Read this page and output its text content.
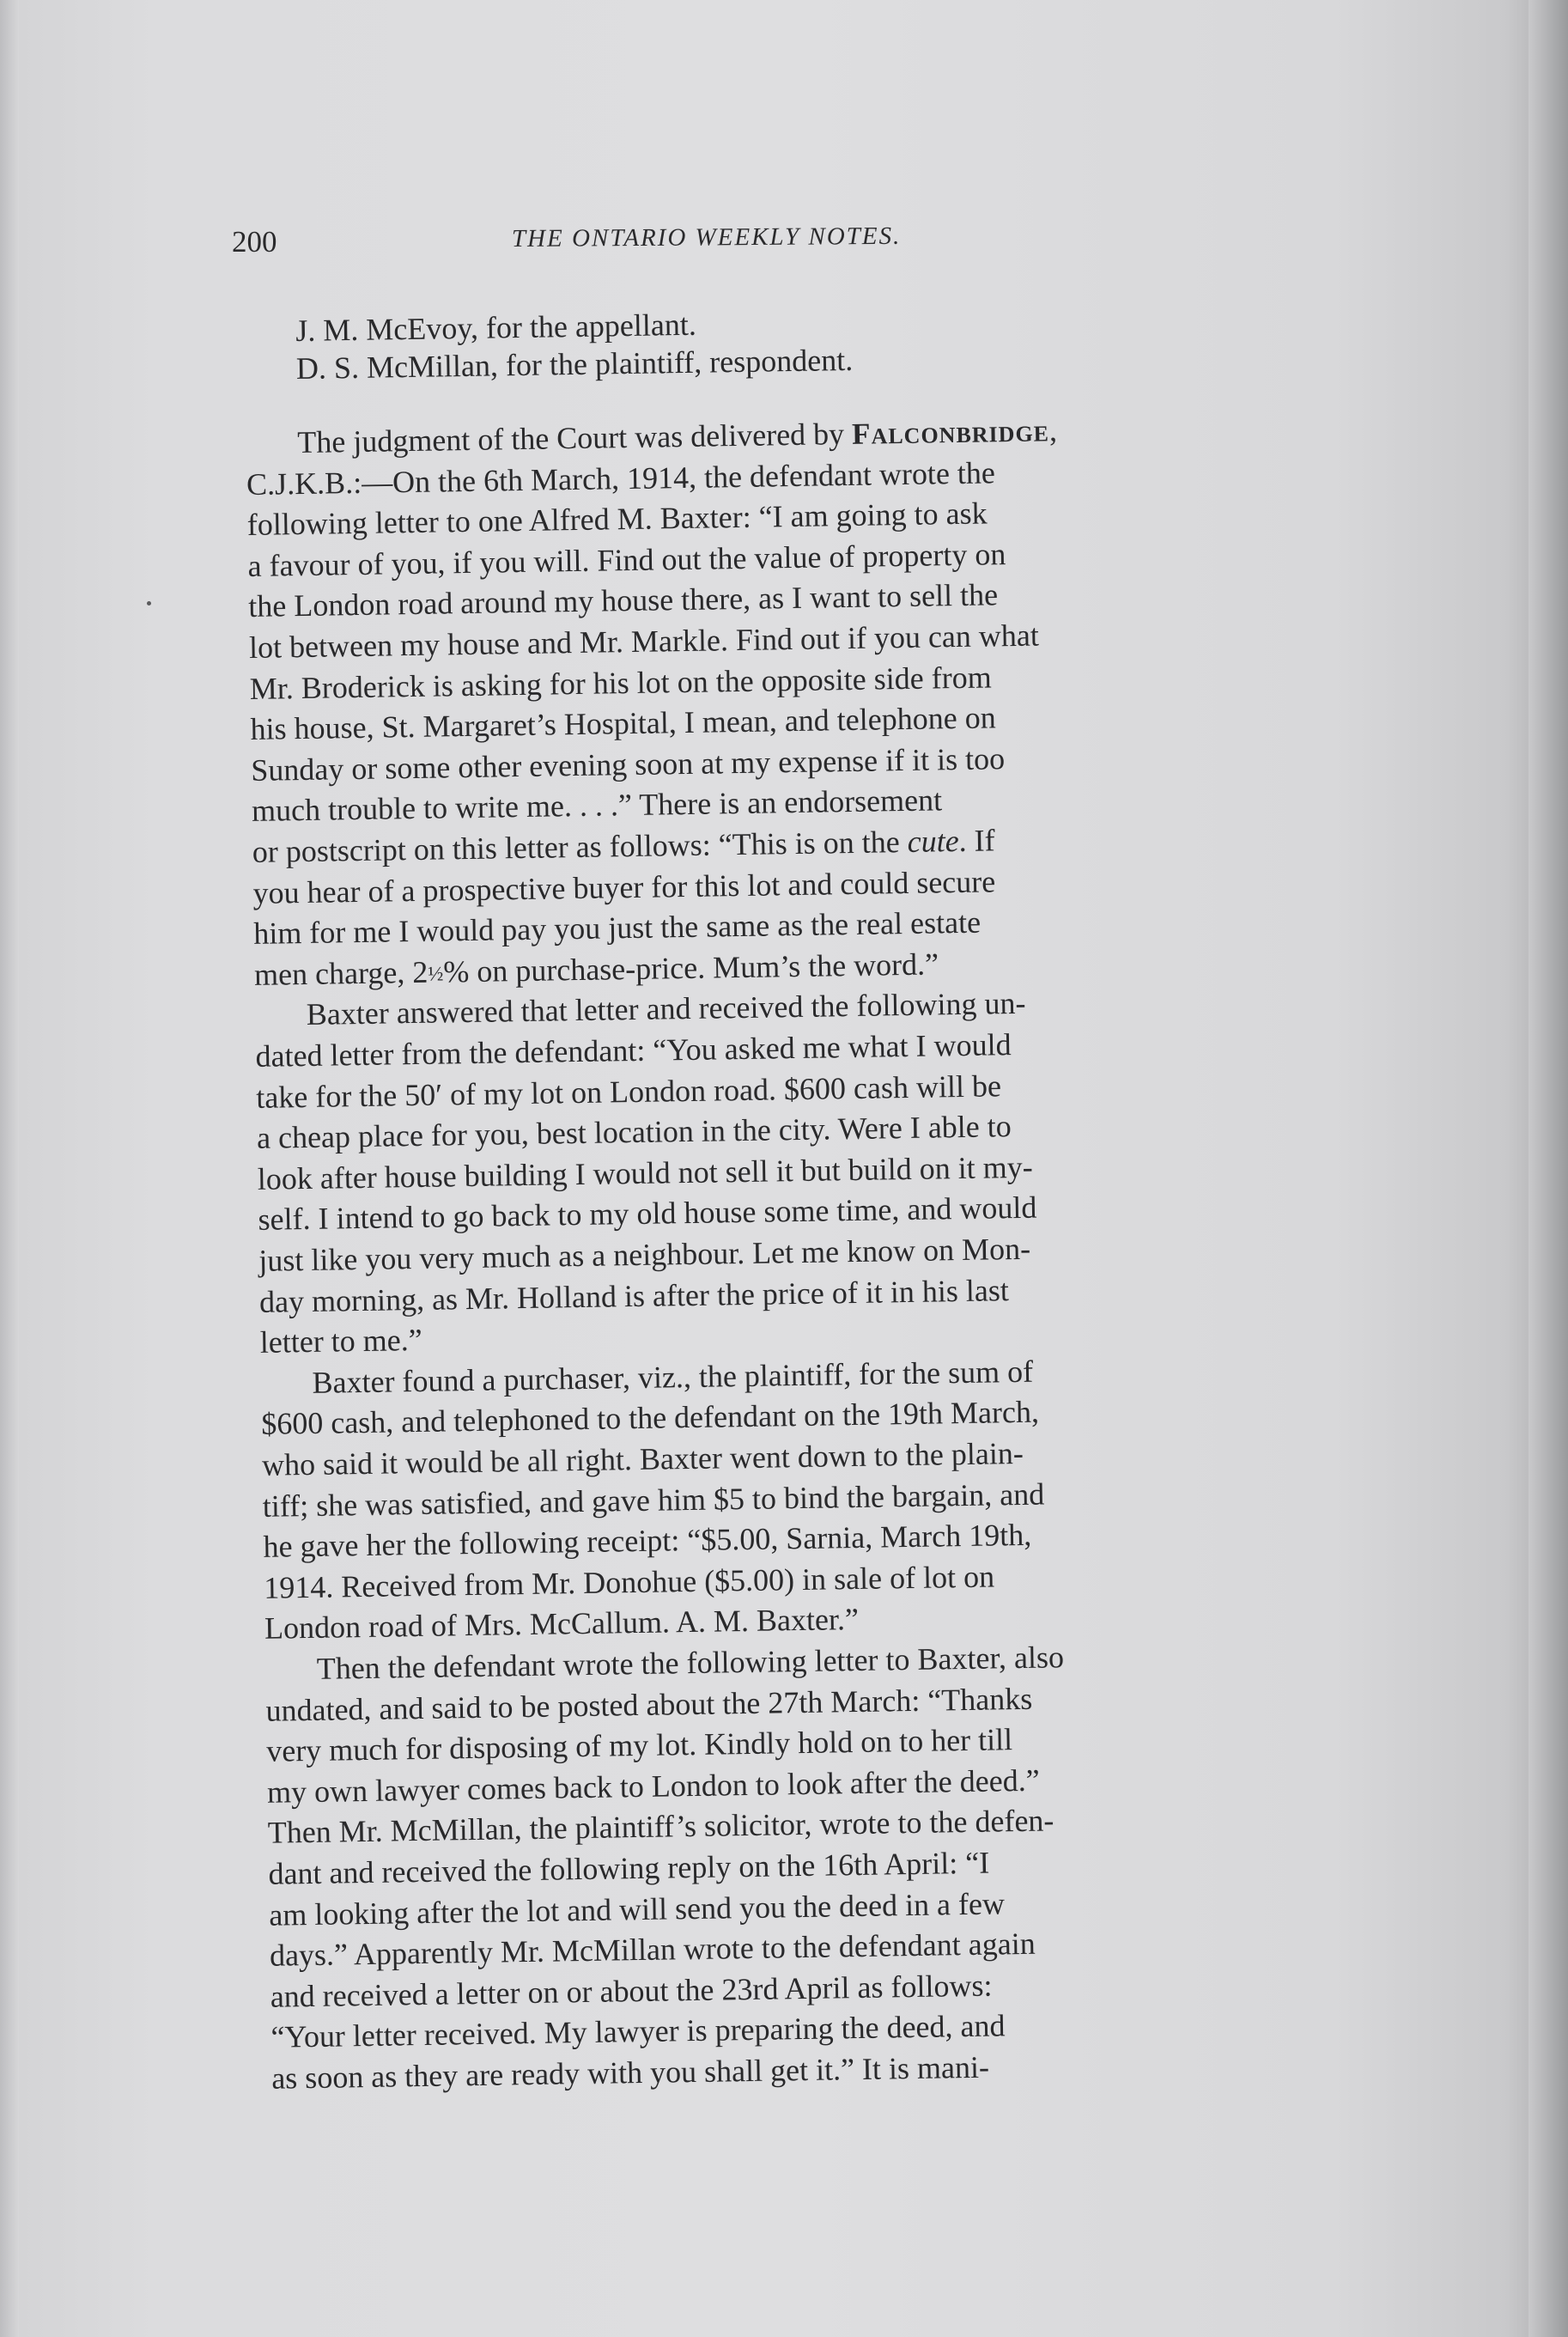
200	THE ONTARIO WEEKLY NOTES.
J. M. McEvoy, for the appellant.
D. S. McMillan, for the plaintiff, respondent.
The judgment of the Court was delivered by FALCONBRIDGE,
C.J.K.B.:—On the 6th March, 1914, the defendant wrote the
following letter to one Alfred M. Baxter: “I am going to ask
a favour of you, if you will. Find out the value of property on
the London road around my house there, as I want to sell the
lot between my house and Mr. Markle. Find out if you can what
Mr. Broderick is asking for his lot on the opposite side from
his house, St. Margaret’s Hospital, I mean, and telephone on
Sunday or some other evening soon at my expense if it is too
much trouble to write me. . . .” There is an endorsement
or postscript on this letter as follows: “This is on the cute. If
you hear of a prospective buyer for this lot and could secure
him for me I would pay you just the same as the real estate
men charge, 2½% on purchase-price. Mum’s the word.”
Baxter answered that letter and received the following un-
dated letter from the defendant: “You asked me what I would
take for the 50′ of my lot on London road. $600 cash will be
a cheap place for you, best location in the city. Were I able to
look after house building I would not sell it but build on it my-
self. I intend to go back to my old house some time, and would
just like you very much as a neighbour. Let me know on Mon-
day morning, as Mr. Holland is after the price of it in his last
letter to me.”
Baxter found a purchaser, viz., the plaintiff, for the sum of
$600 cash, and telephoned to the defendant on the 19th March,
who said it would be all right. Baxter went down to the plain-
tiff; she was satisfied, and gave him $5 to bind the bargain, and
he gave her the following receipt: “$5.00, Sarnia, March 19th,
1914. Received from Mr. Donohue ($5.00) in sale of lot on
London road of Mrs. McCallum. A. M. Baxter.”
Then the defendant wrote the following letter to Baxter, also
undated, and said to be posted about the 27th March: “Thanks
very much for disposing of my lot. Kindly hold on to her till
my own lawyer comes back to London to look after the deed.”
Then Mr. McMillan, the plaintiff’s solicitor, wrote to the defen-
dant and received the following reply on the 16th April: “I
am looking after the lot and will send you the deed in a few
days.” Apparently Mr. McMillan wrote to the defendant again
and received a letter on or about the 23rd April as follows:
“Your letter received. My lawyer is preparing the deed, and
as soon as they are ready with you shall get it.” It is mani-
